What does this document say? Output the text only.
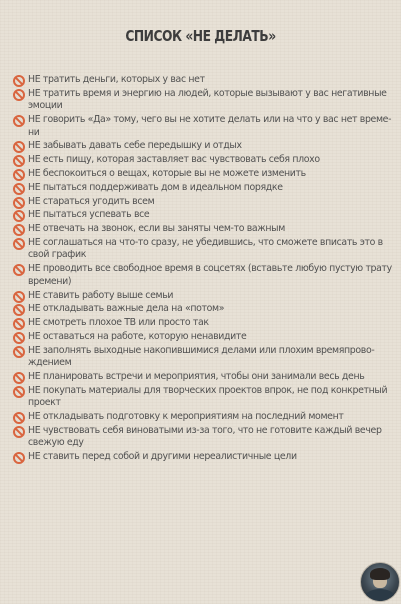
СПИСОК «НЕ ДЕЛАТЬ»
НЕ тратить деньги, которых у вас нет
НЕ тратить время и энергию на людей, которые вызывают у вас негативные эмоции
НЕ говорить «Да» тому, чего вы не хотите делать или на что у вас нет време-ни
НЕ забывать давать себе передышку и отдых
НЕ есть пищу, которая заставляет вас чувствовать себя плохо
НЕ беспокоиться о вещах, которые вы не можете изменить
НЕ пытаться поддерживать дом в идеальном порядке
НЕ стараться угодить всем
НЕ пытаться успевать все
НЕ отвечать на звонок, если вы заняты чем-то важным
НЕ соглашаться на что-то сразу, не убедившись, что сможете вписать это в свой график
НЕ проводить все свободное время в соцсетях (вставьте любую пустую трату времени)
НЕ ставить работу выше семьи
НЕ откладывать важные дела на «потом»
НЕ смотреть плохое ТВ или просто так
НЕ оставаться на работе, которую ненавидите
НЕ заполнять выходные накопившимися делами или плохим времяпрово-ждением
НЕ планировать встречи и мероприятия, чтобы они занимали весь день
НЕ покупать материалы для творческих проектов впрок, не под конкретный проект
НЕ откладывать подготовку к мероприятиям на последний момент
НЕ чувствовать себя виноватыми из-за того, что не готовите каждый вечер свежую еду
НЕ ставить перед собой и другими нереалистичные цели
